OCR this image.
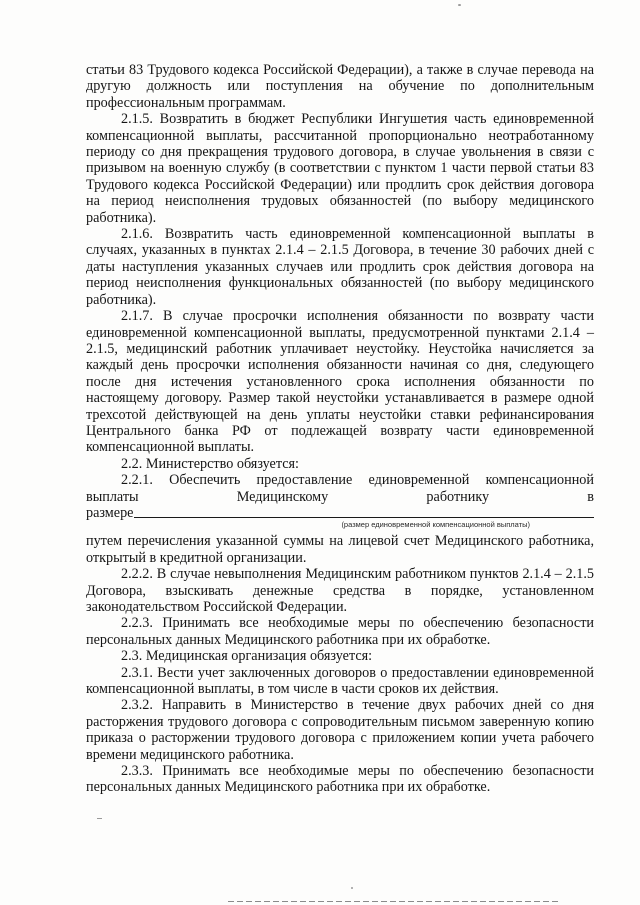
статьи 83 Трудового кодекса Российской Федерации), а также в случае перевода на другую должность или поступления на обучение по дополнительным профессиональным программам.

2.1.5. Возвратить в бюджет Республики Ингушетия часть единовременной компенсационной выплаты, рассчитанной пропорционально неотработанному периоду со дня прекращения трудового договора, в случае увольнения в связи с призывом на военную службу (в соответствии с пунктом 1 части первой статьи 83 Трудового кодекса Российской Федерации) или продлить срок действия договора на период неисполнения трудовых обязанностей (по выбору медицинского работника).

2.1.6. Возвратить часть единовременной компенсационной выплаты в случаях, указанных в пунктах 2.1.4 – 2.1.5 Договора, в течение 30 рабочих дней с даты наступления указанных случаев или продлить срок действия договора на период неисполнения функциональных обязанностей (по выбору медицинского работника).

2.1.7. В случае просрочки исполнения обязанности по возврату части единовременной компенсационной выплаты, предусмотренной пунктами 2.1.4 – 2.1.5, медицинский работник уплачивает неустойку. Неустойка начисляется за каждый день просрочки исполнения обязанности начиная со дня, следующего после дня истечения установленного срока исполнения обязанности по настоящему договору. Размер такой неустойки устанавливается в размере одной трехсотой действующей на день уплаты неустойки ставки рефинансирования Центрального банка РФ от подлежащей возврату части единовременной компенсационной выплаты.

2.2. Министерство обязуется:

2.2.1. Обеспечить предоставление единовременной компенсационной

выплаты	Медицинскому	работнику	в
размере
(размер единовременной компенсационной выплаты)

путем перечисления указанной суммы на лицевой счет Медицинского работника, открытый в кредитной организации.

2.2.2. В случае невыполнения Медицинским работником пунктов 2.1.4 – 2.1.5 Договора, взыскивать денежные средства в порядке, установленном законодательством Российской Федерации.

2.2.3. Принимать все необходимые меры по обеспечению безопасности персональных данных Медицинского работника при их обработке.

2.3. Медицинская организация обязуется:

2.3.1. Вести учет заключенных договоров о предоставлении единовременной компенсационной выплаты, в том числе в части сроков их действия.

2.3.2. Направить в Министерство в течение двух рабочих дней со дня расторжения трудового договора с сопроводительным письмом заверенную копию приказа о расторжении трудового договора с приложением копии учета рабочего времени медицинского работника.

2.3.3. Принимать все необходимые меры по обеспечению безопасности персональных данных Медицинского работника при их обработке.
